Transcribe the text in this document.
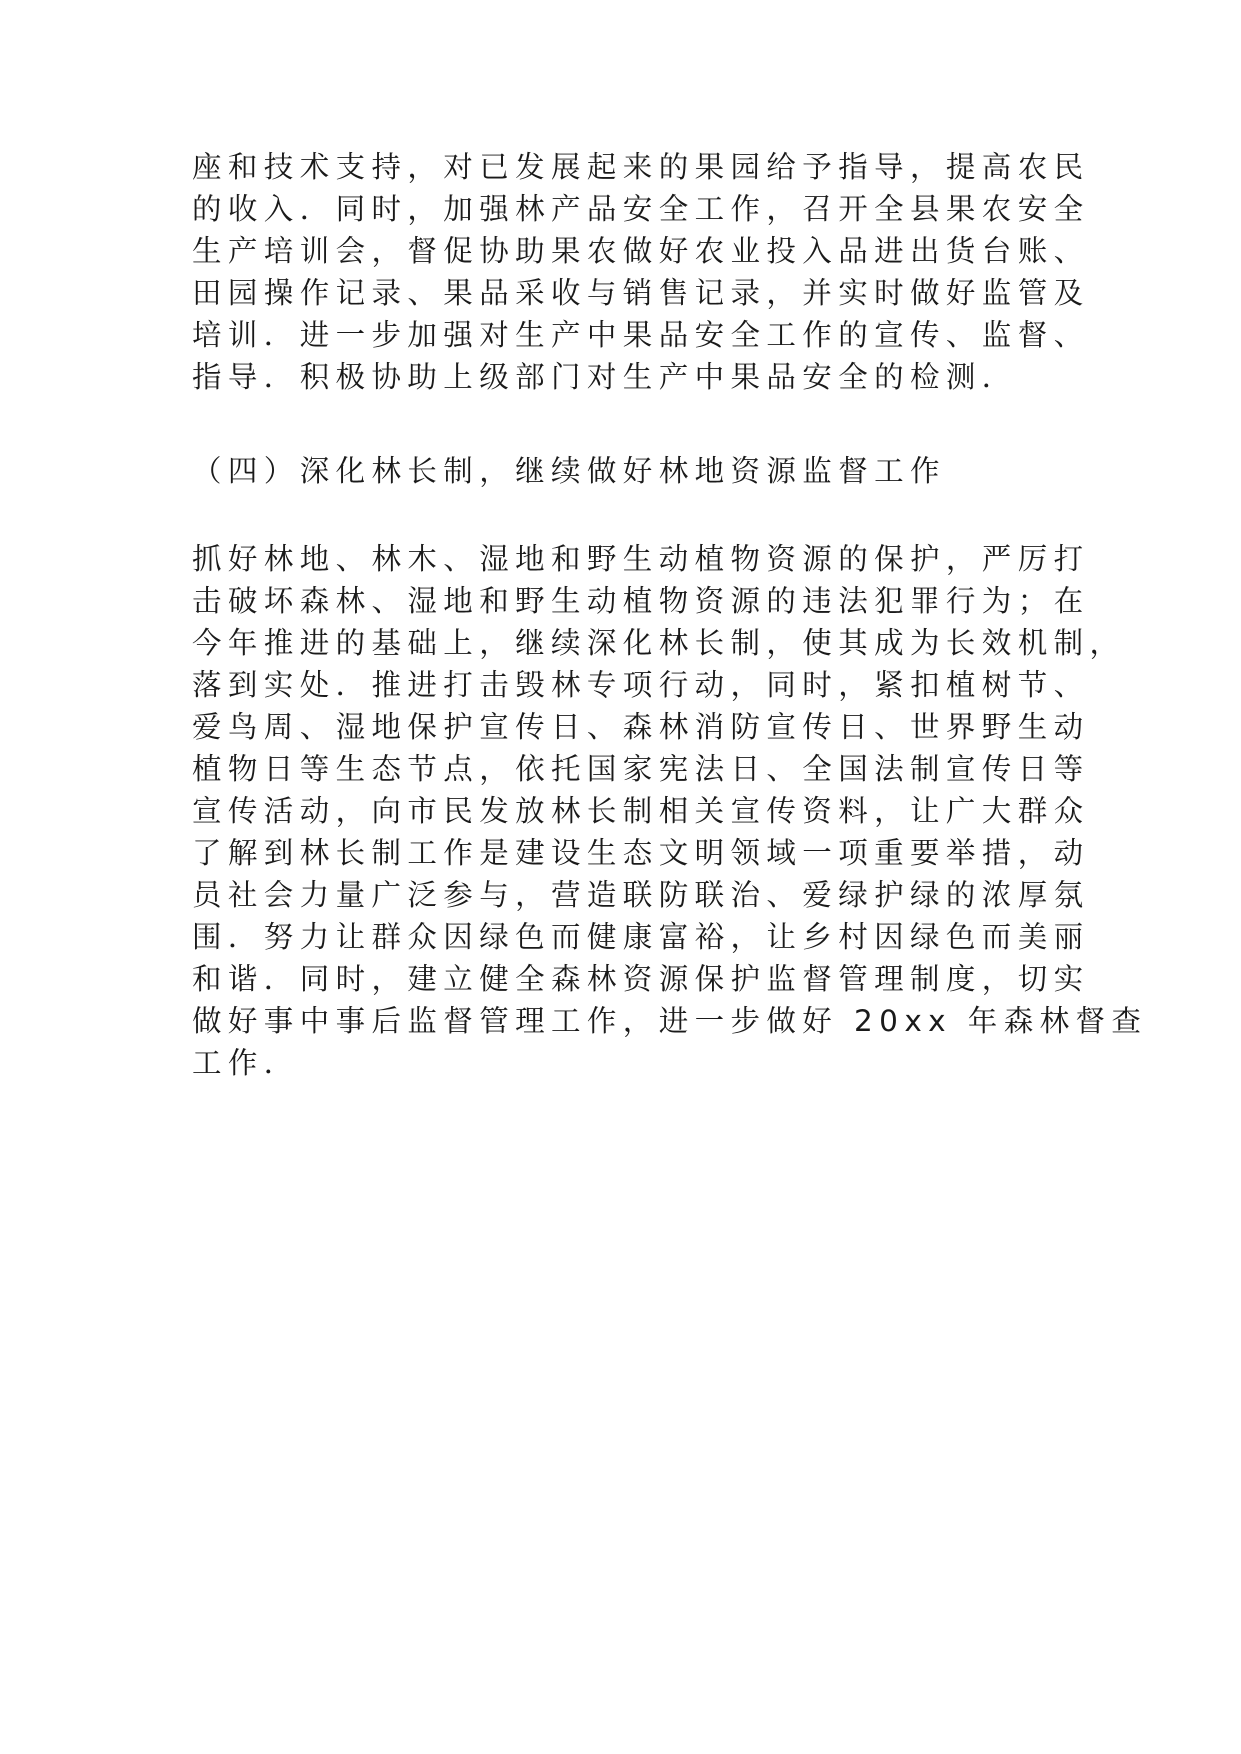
座和技术支持，对已发展起来的果园给予指导，提高农民
的收入．同时，加强林产品安全工作，召开全县果农安全
生产培训会，督促协助果农做好农业投入品进出货台账、
田园操作记录、果品采收与销售记录，并实时做好监管及
培训．进一步加强对生产中果品安全工作的宣传、监督、
指导．积极协助上级部门对生产中果品安全的检测．
（四）深化林长制，继续做好林地资源监督工作
抓好林地、林木、湿地和野生动植物资源的保护，严厉打
击破坏森林、湿地和野生动植物资源的违法犯罪行为；在
今年推进的基础上，继续深化林长制，使其成为长效机制，
落到实处．推进打击毁林专项行动，同时，紧扣植树节、
爱鸟周、湿地保护宣传日、森林消防宣传日、世界野生动
植物日等生态节点，依托国家宪法日、全国法制宣传日等
宣传活动，向市民发放林长制相关宣传资料，让广大群众
了解到林长制工作是建设生态文明领域一项重要举措，动
员社会力量广泛参与，营造联防联治、爱绿护绿的浓厚氛
围．努力让群众因绿色而健康富裕，让乡村因绿色而美丽
和谐．同时，建立健全森林资源保护监督管理制度，切实
做好事中事后监督管理工作，进一步做好 20xx 年森林督查
工作．
